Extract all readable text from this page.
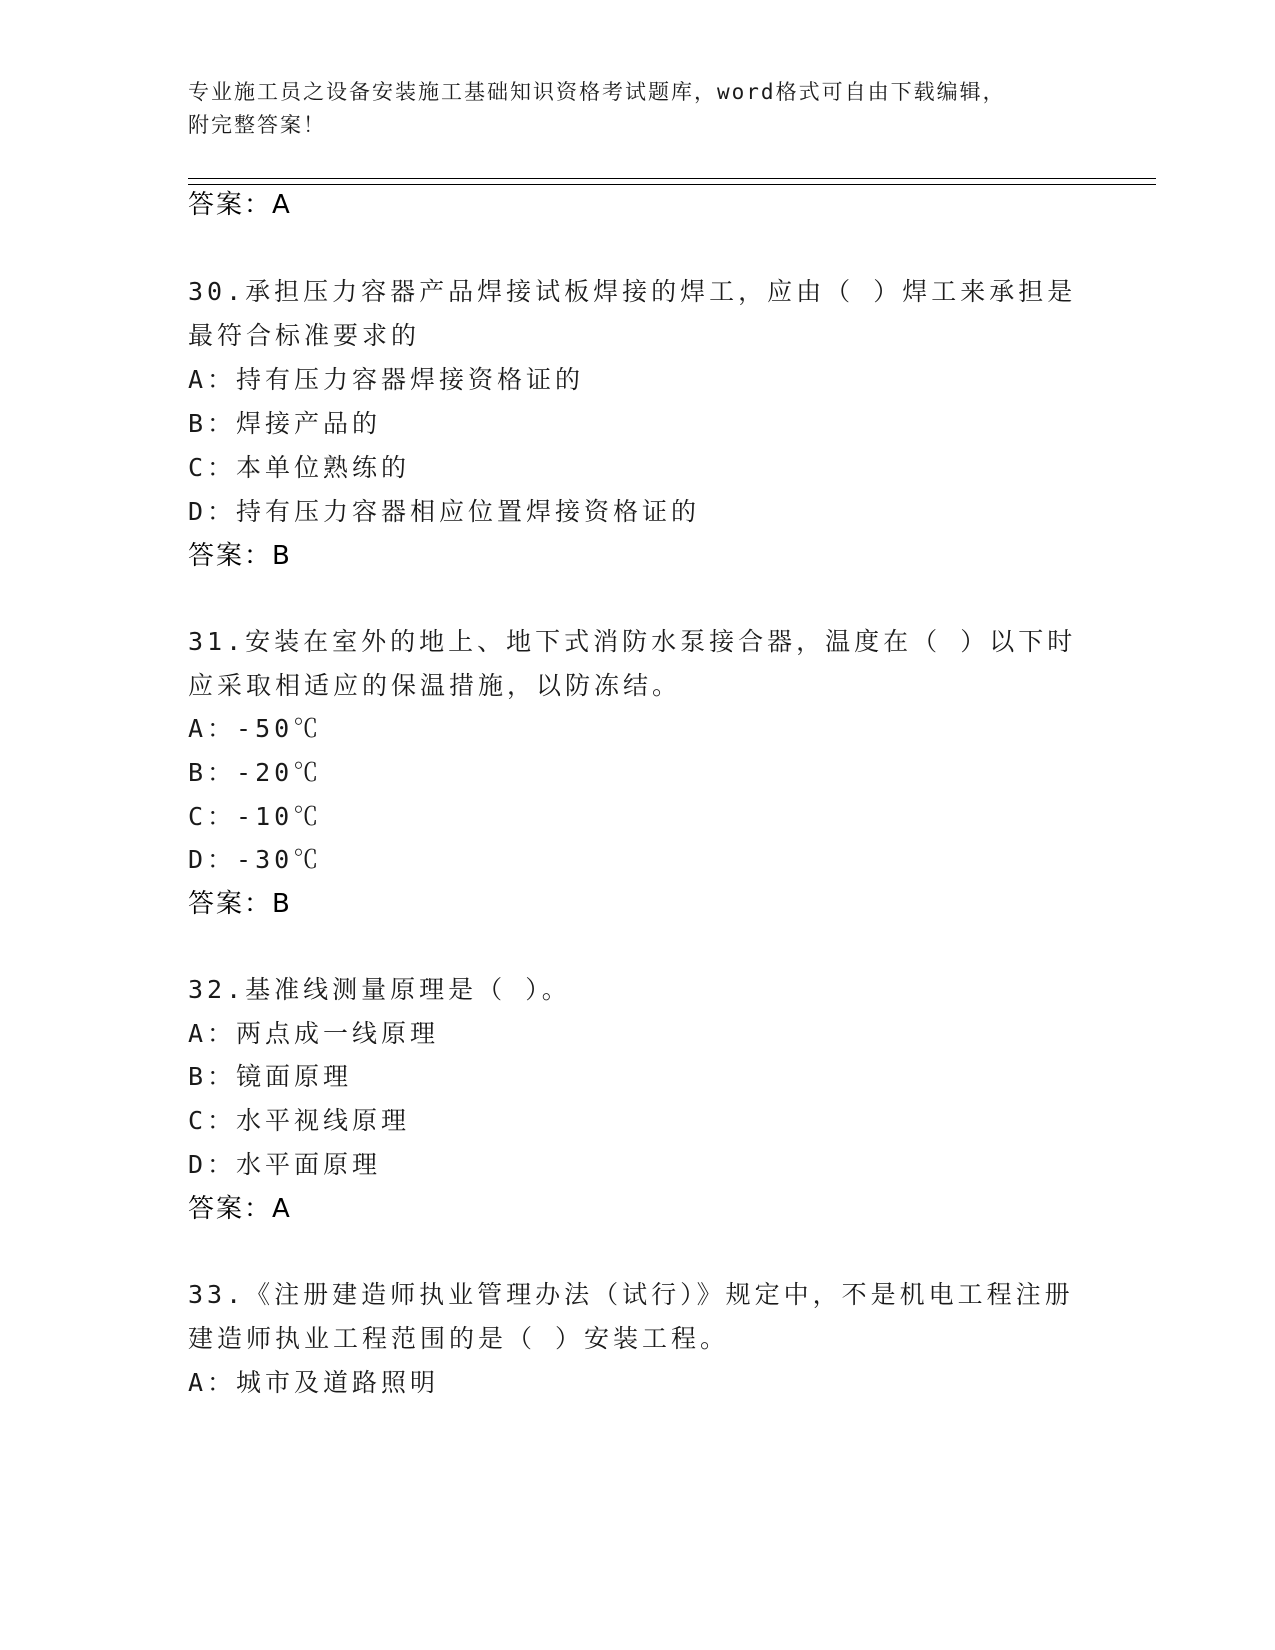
专业施工员之设备安装施工基础知识资格考试题库，word格式可自由下载编辑，
附完整答案！
答案：A
30.承担压力容器产品焊接试板焊接的焊工，应由（ ）焊工来承担是
最符合标准要求的
A：持有压力容器焊接资格证的
B：焊接产品的
C：本单位熟练的
D：持有压力容器相应位置焊接资格证的
答案：B
31.安装在室外的地上、地下式消防水泵接合器，温度在（ ）以下时
应采取相适应的保温措施，以防冻结。
A：-50℃
B：-20℃
C：-10℃
D：-30℃
答案：B
32.基准线测量原理是（ ）。
A：两点成一线原理
B：镜面原理
C：水平视线原理
D：水平面原理
答案：A
33.《注册建造师执业管理办法（试行）》规定中，不是机电工程注册
建造师执业工程范围的是（ ）安装工程。
A：城市及道路照明
